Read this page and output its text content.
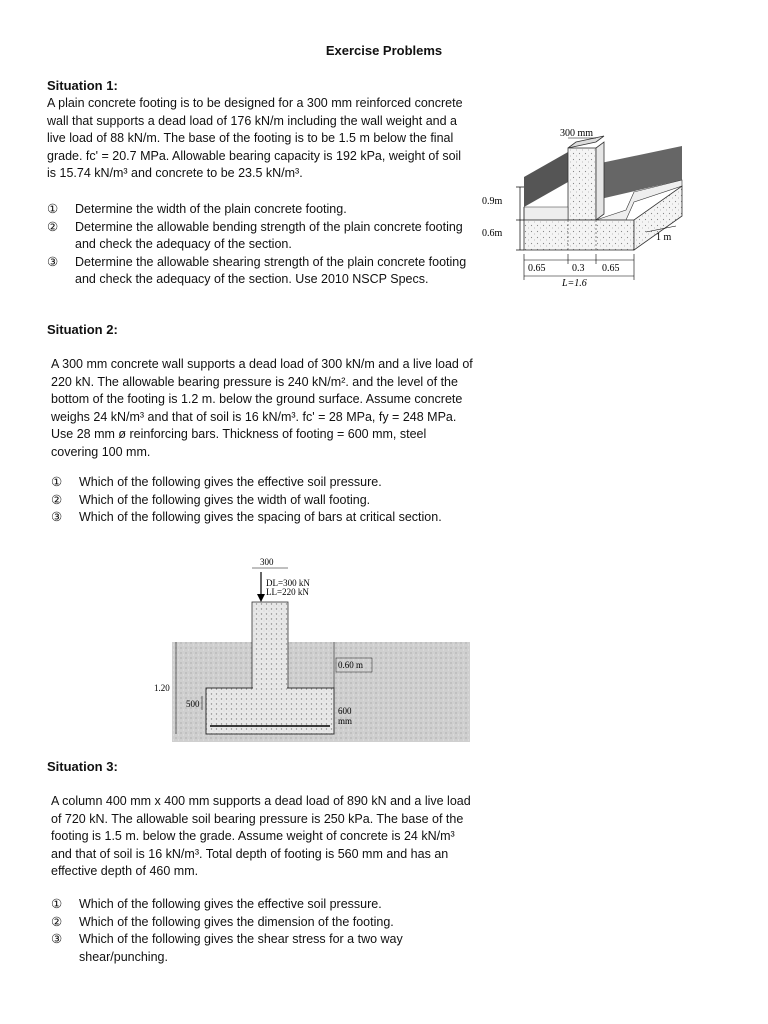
Exercise Problems
Situation 1:
A plain concrete footing is to be designed for a 300 mm reinforced concrete
wall that supports a dead load of 176 kN/m including the wall weight and a
live load of 88 kN/m. The base of the footing is to be 1.5 m below the final
grade. fc' = 20.7 MPa. Allowable bearing capacity is 192 kPa, weight of soil
is 15.74 kN/m³ and concrete to be 23.5 kN/m³.
①	Determine the width of the plain concrete footing.
②	Determine the allowable bending strength of the plain concrete footing
and check the adequacy of the section.
③	Determine the allowable shearing strength of the plain concrete footing
and check the adequacy of the section. Use 2010 NSCP Specs.
0.9m
0.6m
300 mm
1 m
0.65	0.3 0.65
L=1.6
Situation 2:
A 300 mm concrete wall supports a dead load of 300 kN/m and a live load of
220 kN. The allowable bearing pressure is 240 kN/m². and the level of the
bottom of the footing is 1.2 m. below the ground surface. Assume concrete
weighs 24 kN/m³ and that of soil is 16 kN/m³. fc' = 28 MPa, fy = 248 MPa.
Use 28 mm ø reinforcing bars. Thickness of footing = 600 mm, steel
covering 100 mm.
①	Which of the following gives the effective soil pressure.
②	Which of the following gives the width of wall footing.
③	Which of the following gives the spacing of bars at critical section.
300
DL=300 kN
LL=220 kN
1.20
0.60 m
500
600
mm
Situation 3:
A column 400 mm x 400 mm supports a dead load of 890 kN and a live load
of 720 kN. The allowable soil bearing pressure is 250 kPa. The base of the
footing is 1.5 m. below the grade. Assume weight of concrete is 24 kN/m³
and that of soil is 16 kN/m³. Total depth of footing is 560 mm and has an
effective depth of 460 mm.
①	Which of the following gives the effective soil pressure.
②	Which of the following gives the dimension of the footing.
③	Which of the following gives the shear stress for a two way
shear/punching.
